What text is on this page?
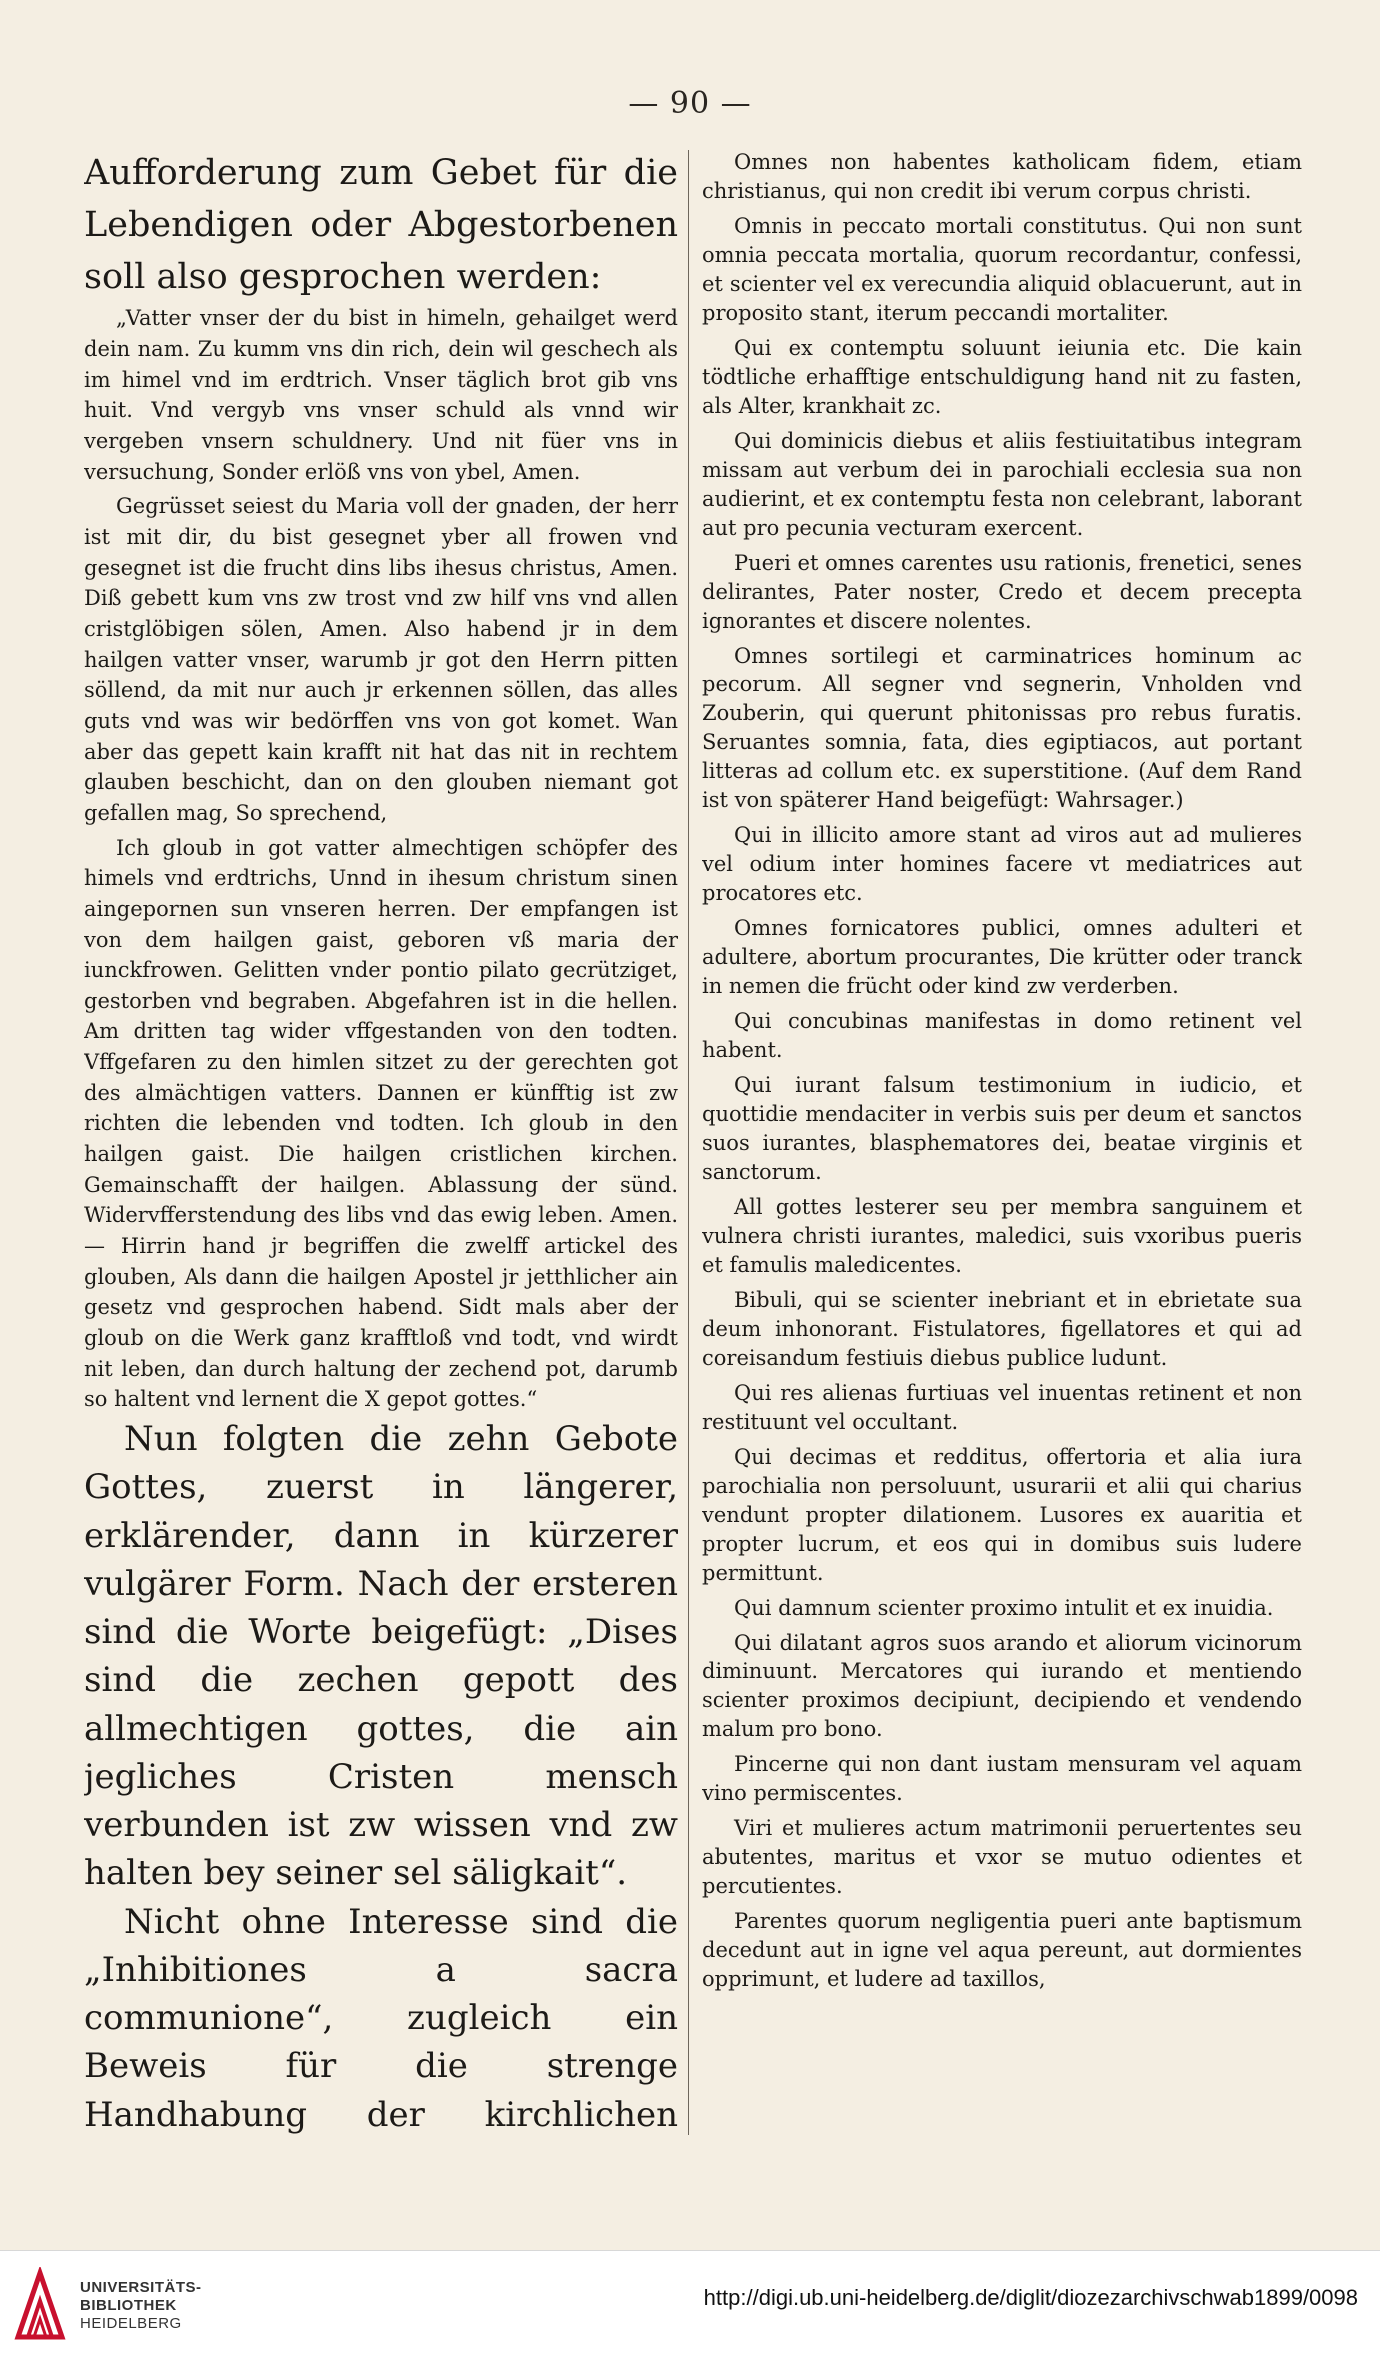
— 90 —

Aufforderung zum Gebet für die Lebendigen oder Abgestorbenen soll also gesprochen werden:

„Vatter vnser der du bist in himeln, gehailget werd dein nam. Zu kumm vns din rich, dein wil geschech als im himel vnd im erdtrich. Vnser täglich brot gib vns huit. Vnd vergyb vns vnser schuld als vnnd wir vergeben vnsern schuldnery. Und nit füer vns in versuchung, Sonder erlöß vns von ybel, Amen.

Gegrüsset seiest du Maria voll der gnaden, der herr ist mit dir, du bist gesegnet yber all frowen vnd gesegnet ist die frucht dins libs ihesus christus, Amen. Diß gebett kum vns zw trost vnd zw hilf vns vnd allen cristglöbigen sölen, Amen. Also habend jr in dem hailgen vatter vnser, warumb jr got den Herrn pitten söllend, da mit nur auch jr erkennen söllen, das alles guts vnd was wir bedörffen vns von got komet. Wan aber das gepett kain krafft nit hat das nit in rechtem glauben beschicht, dan on den glouben niemant got gefallen mag, So sprechend,

Ich gloub in got vatter almechtigen schöpfer des himels vnd erdtrichs, Unnd in ihesum christum sinen aingepornen sun vnseren herren. Der empfangen ist von dem hailgen gaist, geboren vß maria der iunckfrowen. Gelitten vnder pontio pilato gecrütziget, gestorben vnd begraben. Abgefahren ist in die hellen. Am dritten tag wider vffgestanden von den todten. Vffgefaren zu den himlen sitzet zu der gerechten got des almächtigen vatters. Dannen er künfftig ist zw richten die lebenden vnd todten. Ich gloub in den hailgen gaist. Die hailgen cristlichen kirchen. Gemainschafft der hailgen. Ablassung der sünd. Widervfferstendung des libs vnd das ewig leben. Amen. — Hirrin hand jr begriffen die zwelff artickel des glouben, Als dann die hailgen Apostel jr jetthlicher ain gesetz vnd gesprochen habend. Sidt mals aber der gloub on die Werk ganz krafftloß vnd todt, vnd wirdt nit leben, dan durch haltung der zechend pot, darumb so haltent vnd lernent die X gepot gottes.“

Nun folgten die zehn Gebote Gottes, zuerst in längerer, erklärender, dann in kürzerer vulgärer Form. Nach der ersteren sind die Worte beigefügt: „Dises sind die zechen gepott des allmechtigen gottes, die ain jegliches Cristen mensch verbunden ist zw wissen vnd zw halten bey seiner sel säligkait“.

Nicht ohne Interesse sind die „Inhibitiones a sacra communione“, zugleich ein Beweis für die strenge Handhabung der kirchlichen

Omnes non habentes katholicam fidem, etiam christianus, qui non credit ibi verum corpus christi.

Omnis in peccato mortali constitutus. Qui non sunt omnia peccata mortalia, quorum recordantur, confessi, et scienter vel ex verecundia aliquid oblacuerunt, aut in proposito stant, iterum peccandi mortaliter.

Qui ex contemptu soluunt ieiunia etc. Die kain tödtliche erhafftige entschuldigung hand nit zu fasten, als Alter, krankhait zc.

Qui dominicis diebus et aliis festiuitatibus integram missam aut verbum dei in parochiali ecclesia sua non audierint, et ex contemptu festa non celebrant, laborant aut pro pecunia vecturam exercent.

Pueri et omnes carentes usu rationis, frenetici, senes delirantes, Pater noster, Credo et decem precepta ignorantes et discere nolentes.

Omnes sortilegi et carminatrices hominum ac pecorum. All segner vnd segnerin, Vnholden vnd Zouberin, qui querunt phitonissas pro rebus furatis. Seruantes somnia, fata, dies egiptiacos, aut portant litteras ad collum etc. ex superstitione. (Auf dem Rand ist von späterer Hand beigefügt: Wahrsager.)

Qui in illicito amore stant ad viros aut ad mulieres vel odium inter homines facere vt mediatrices aut procatores etc.

Omnes fornicatores publici, omnes adulteri et adultere, abortum procurantes, Die krütter oder tranck in nemen die frücht oder kind zw verderben.

Qui concubinas manifestas in domo retinent vel habent.

Qui iurant falsum testimonium in iudicio, et quottidie mendaciter in verbis suis per deum et sanctos suos iurantes, blasphematores dei, beatae virginis et sanctorum.

All gottes lesterer seu per membra sanguinem et vulnera christi iurantes, maledici, suis vxoribus pueris et famulis maledicentes.

Bibuli, qui se scienter inebriant et in ebrietate sua deum inhonorant. Fistulatores, figellatores et qui ad coreisandum festiuis diebus publice ludunt.

Qui res alienas furtiuas vel inuentas retinent et non restituunt vel occultant.

Qui decimas et redditus, offertoria et alia iura parochialia non persoluunt, usurarii et alii qui charius vendunt propter dilationem. Lusores ex auaritia et propter lucrum, et eos qui in domibus suis ludere permittunt.

Qui damnum scienter proximo intulit et ex inuidia.

Qui dilatant agros suos arando et aliorum vicinorum diminuunt. Mercatores qui iurando et mentiendo scienter proximos decipiunt, decipiendo et vendendo malum pro bono.

Pincerne qui non dant iustam mensuram vel aquam vino permiscentes.

Viri et mulieres actum matrimonii peruertentes seu abutentes, maritus et vxor se mutuo odientes et percutientes.

Parentes quorum negligentia pueri ante baptismum decedunt aut in igne vel aqua pereunt, aut dormientes opprimunt, et ludere ad taxillos,

UNIVERSITÄTS-
BIBLIOTHEK
HEIDELBERG
http://digi.ub.uni-heidelberg.de/diglit/diozezarchivschwab1899/0098
